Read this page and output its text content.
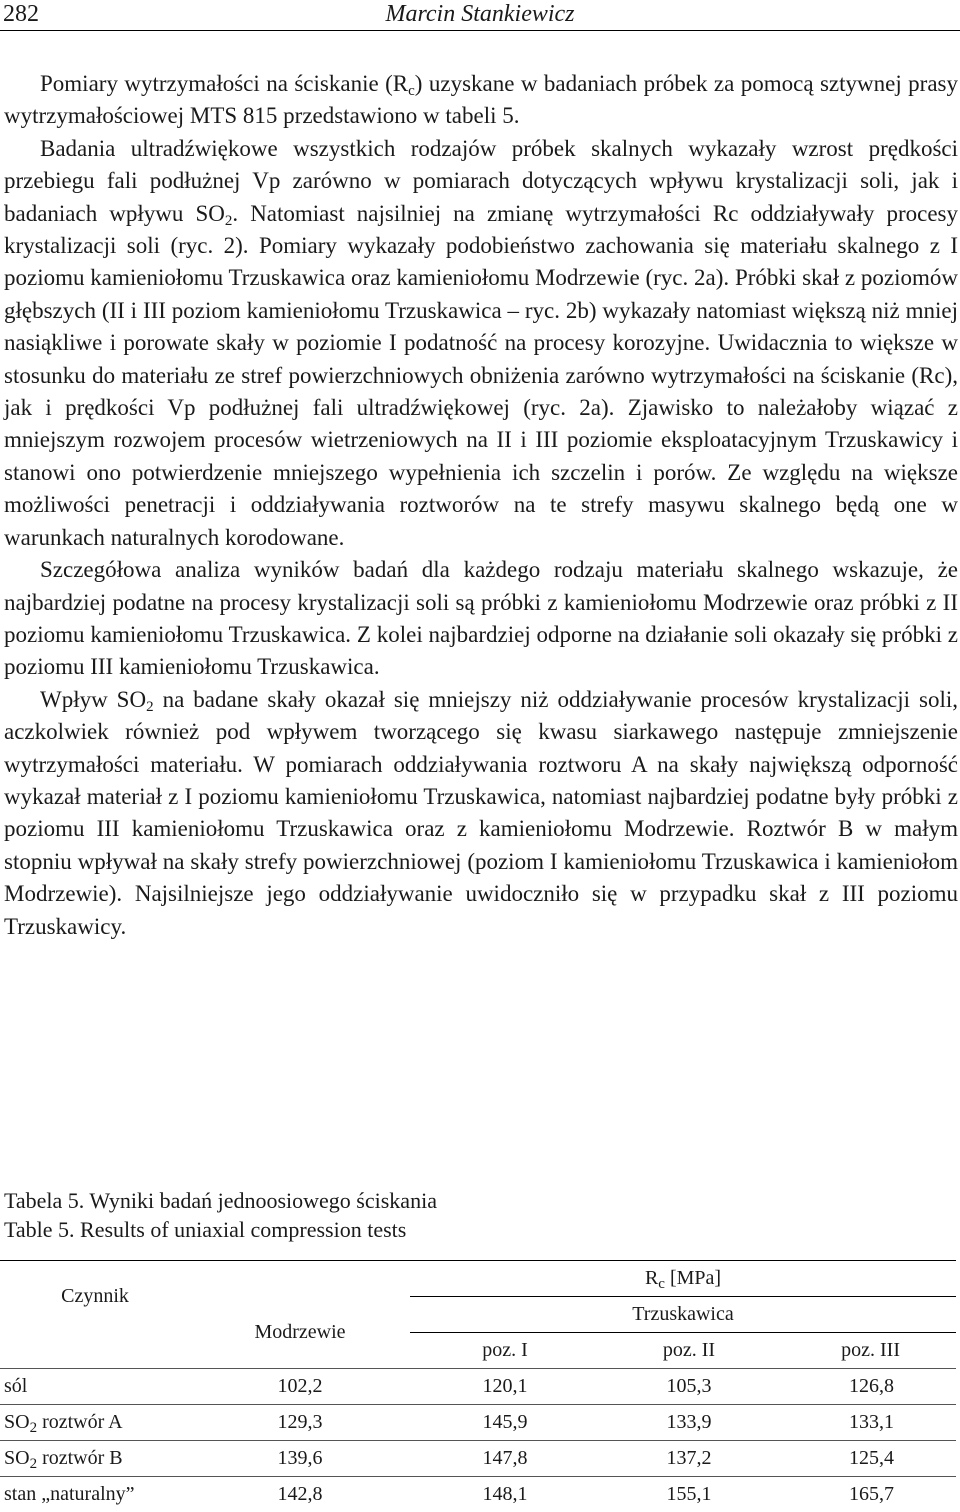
282	Marcin Stankiewicz

Pomiary wytrzymałości na ściskanie $(R_c)$ uzyskane w badaniach próbek za pomocą sztywnej prasy wytrzymałościowej MTS 815 przedstawiono w tabeli 5.

Badania ultradźwiękowe wszystkich rodzajów próbek skalnych wykazały wzrost prędkości przebiegu fali podłużnej Vp zarówno w pomiarach dotyczących wpływu krystalizacji soli, jak i badaniach wpływu $SO_2$. Natomiast najsilniej na zmianę wytrzymałości Rc oddziaływały procesy krystalizacji soli (ryc. 2). Pomiary wykazały podobieństwo zachowania się materiału skalnego z I poziomu kamieniołomu Trzuskawica oraz kamieniołomu Modrzewie (ryc. 2a). Próbki skał z poziomów głębszych (II i III poziom kamieniołomu Trzuskawica – ryc. 2b) wykazały natomiast większą niż mniej nasiąkliwe i porowate skały w poziomie I podatność na procesy korozyjne. Uwidacznia to większe w stosunku do materiału ze stref powierzchniowych obniżenia zarówno wytrzymałości na ściskanie (Rc), jak i prędkości Vp podłużnej fali ultradźwiękowej (ryc. 2a). Zjawisko to należałoby wiązać z mniejszym rozwojem procesów wietrzeniowych na II i III poziomie eksploatacyjnym Trzuskawicy i stanowi ono potwierdzenie mniejszego wypełnienia ich szczelin i porów. Ze względu na większe możliwości penetracji i oddziaływania roztworów na te strefy masywu skalnego będą one w warunkach naturalnych korodowane.

Szczegółowa analiza wyników badań dla każdego rodzaju materiału skalnego wskazuje, że najbardziej podatne na procesy krystalizacji soli są próbki z kamieniołomu Modrzewie oraz próbki z II poziomu kamieniołomu Trzuskawica. Z kolei najbardziej odporne na działanie soli okazały się próbki z poziomu III kamieniołomu Trzuskawica.

Wpływ $SO_2$ na badane skały okazał się mniejszy niż oddziaływanie procesów krystalizacji soli, aczkolwiek również pod wpływem tworzącego się kwasu siarkawego następuje zmniejszenie wytrzymałości materiału. W pomiarach oddziaływania roztworu A na skały największą odporność wykazał materiał z I poziomu kamieniołomu Trzuskawica, natomiast najbardziej podatne były próbki z poziomu III kamieniołomu Trzuskawica oraz z kamieniołomu Modrzewie. Roztwór B w małym stopniu wpływał na skały strefy powierzchniowej (poziom I kamieniołomu Trzuskawica i kamieniołom Modrzewie). Najsilniejsze jego oddziaływanie uwidoczniło się w przypadku skał z III poziomu Trzuskawicy.

Tabela 5. Wyniki badań jednoosiowego ściskania
Table 5. Results of uniaxial compression tests
Czynnik		$R_c$ [MPa]		
	Modrzewie	Trzuskawica		
		poz. I	poz. II	poz. III
sól	102,2	120,1	105,3	126,8
$SO_2$ roztwór A	129,3	145,9	133,9	133,1
$SO_2$ roztwór B	139,6	147,8	137,2	125,4
stan „naturalny”	142,8	148,1	155,1	165,7
